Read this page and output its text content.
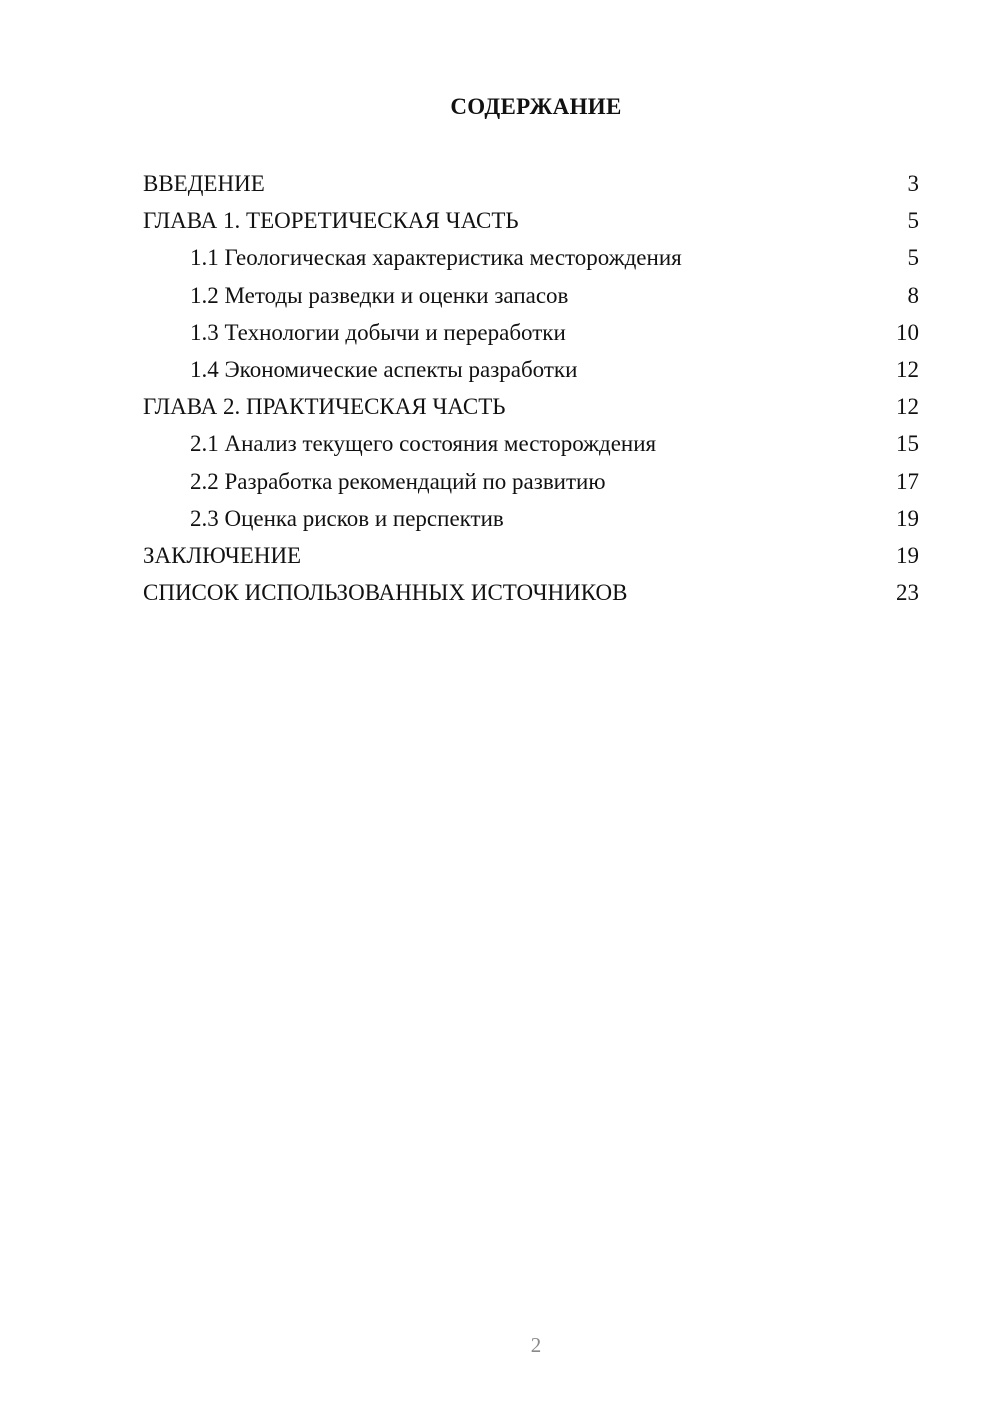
СОДЕРЖАНИЕ
ВВЕДЕНИЕ	3
ГЛАВА 1. ТЕОРЕТИЧЕСКАЯ ЧАСТЬ	5
1.1 Геологическая характеристика месторождения	5
1.2 Методы разведки и оценки запасов	8
1.3 Технологии добычи и переработки	10
1.4 Экономические аспекты разработки	12
ГЛАВА 2. ПРАКТИЧЕСКАЯ ЧАСТЬ	12
2.1 Анализ текущего состояния месторождения	15
2.2 Разработка рекомендаций по развитию	17
2.3 Оценка рисков и перспектив	19
ЗАКЛЮЧЕНИЕ	19
СПИСОК ИСПОЛЬЗОВАННЫХ ИСТОЧНИКОВ	23
2
